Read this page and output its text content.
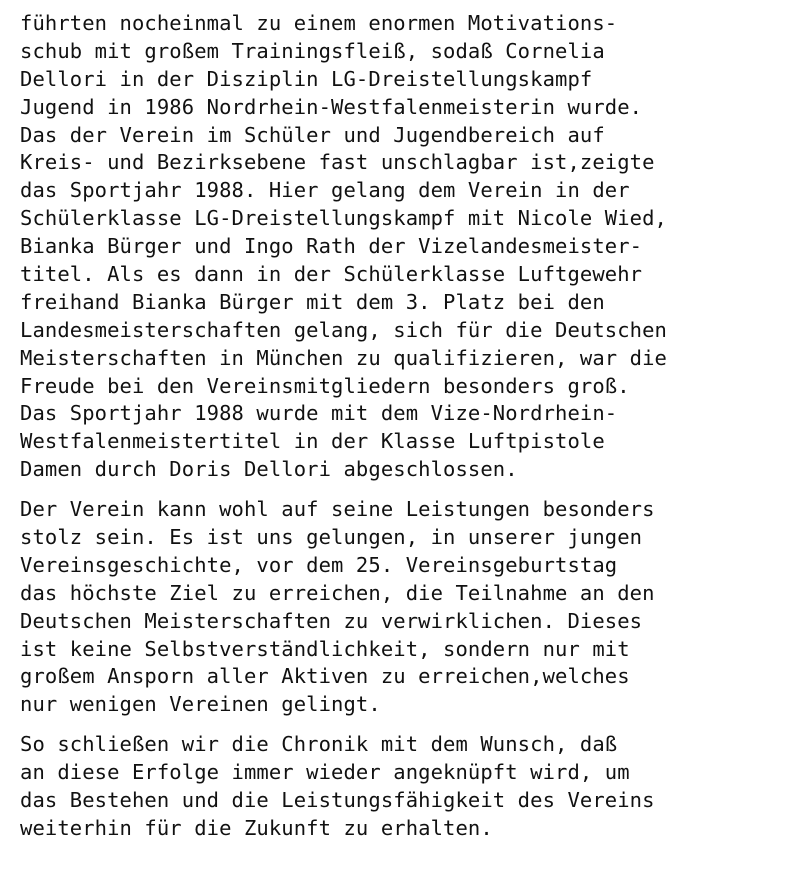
führten nocheinmal zu einem enormen Motivations-
schub mit großem Trainingsfleiß, sodaß Cornelia
Dellori in der Disziplin LG-Dreistellungskampf
Jugend in 1986 Nordrhein-Westfalenmeisterin wurde.
Das der Verein im Schüler und Jugendbereich auf
Kreis- und Bezirksebene fast unschlagbar ist,zeigte
das Sportjahr 1988. Hier gelang dem Verein in der
Schülerklasse LG-Dreistellungskampf mit Nicole Wied,
Bianka Bürger und Ingo Rath der Vizelandesmeister-
titel. Als es dann in der Schülerklasse Luftgewehr
freihand Bianka Bürger mit dem 3. Platz bei den
Landesmeisterschaften gelang, sich für die Deutschen
Meisterschaften in München zu qualifizieren, war die
Freude bei den Vereinsmitgliedern besonders groß.
Das Sportjahr 1988 wurde mit dem Vize-Nordrhein-
Westfalenmeistertitel in der Klasse Luftpistole
Damen durch Doris Dellori abgeschlossen.

Der Verein kann wohl auf seine Leistungen besonders
stolz sein. Es ist uns gelungen, in unserer jungen
Vereinsgeschichte, vor dem 25. Vereinsgeburtstag
das höchste Ziel zu erreichen, die Teilnahme an den
Deutschen Meisterschaften zu verwirklichen. Dieses
ist keine Selbstverständlichkeit, sondern nur mit
großem Ansporn aller Aktiven zu erreichen,welches
nur wenigen Vereinen gelingt.

So schließen wir die Chronik mit dem Wunsch, daß
an diese Erfolge immer wieder angeknüpft wird, um
das Bestehen und die Leistungsfähigkeit des Vereins
weiterhin für die Zukunft zu erhalten.
